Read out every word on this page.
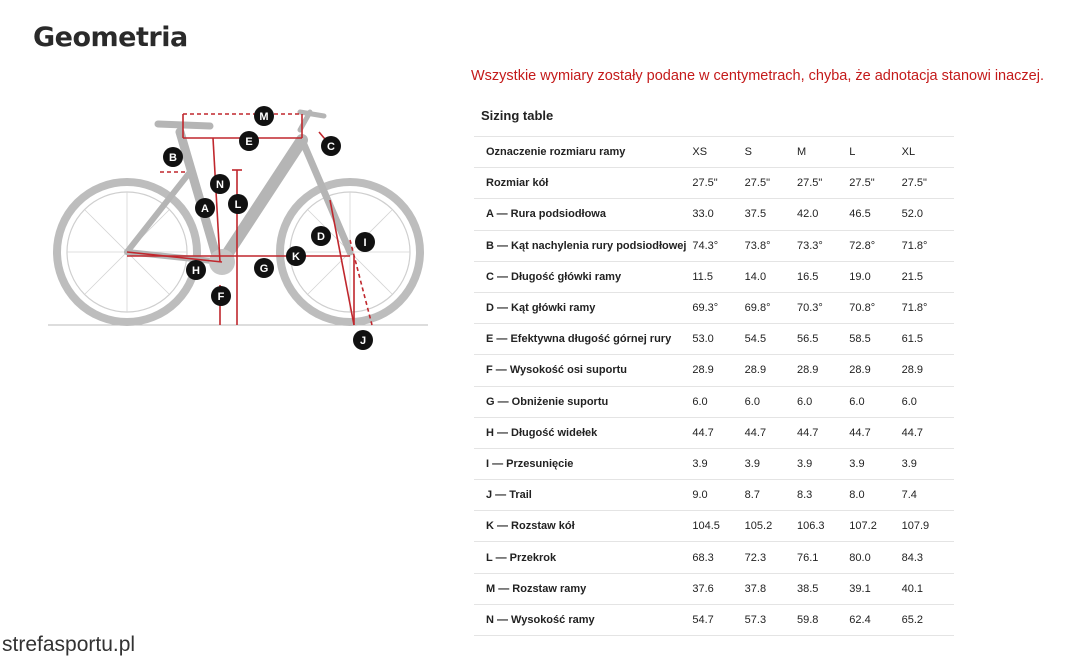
Geometria
A
B
C
D
E
F
G
H
I
J
K
L
M
N
Wszystkie wymiary zostały podane w centymetrach, chyba, że adnotacja stanowi inaczej.
Sizing table
Oznaczenie rozmiaru ramy	XS	S	M	L	XL
Rozmiar kół	27.5"	27.5"	27.5"	27.5"	27.5"
A — Rura podsiodłowa	33.0	37.5	42.0	46.5	52.0
B — Kąt nachylenia rury podsiodłowej	74.3°	73.8°	73.3°	72.8°	71.8°
C — Długość główki ramy	11.5	14.0	16.5	19.0	21.5
D — Kąt główki ramy	69.3°	69.8°	70.3°	70.8°	71.8°
E — Efektywna długość górnej rury	53.0	54.5	56.5	58.5	61.5
F — Wysokość osi suportu	28.9	28.9	28.9	28.9	28.9
G — Obniżenie suportu	6.0	6.0	6.0	6.0	6.0
H — Długość widełek	44.7	44.7	44.7	44.7	44.7
I — Przesunięcie	3.9	3.9	3.9	3.9	3.9
J — Trail	9.0	8.7	8.3	8.0	7.4
K — Rozstaw kół	104.5	105.2	106.3	107.2	107.9
L — Przekrok	68.3	72.3	76.1	80.0	84.3
M — Rozstaw ramy	37.6	37.8	38.5	39.1	40.1
N — Wysokość ramy	54.7	57.3	59.8	62.4	65.2
strefasportu.pl
